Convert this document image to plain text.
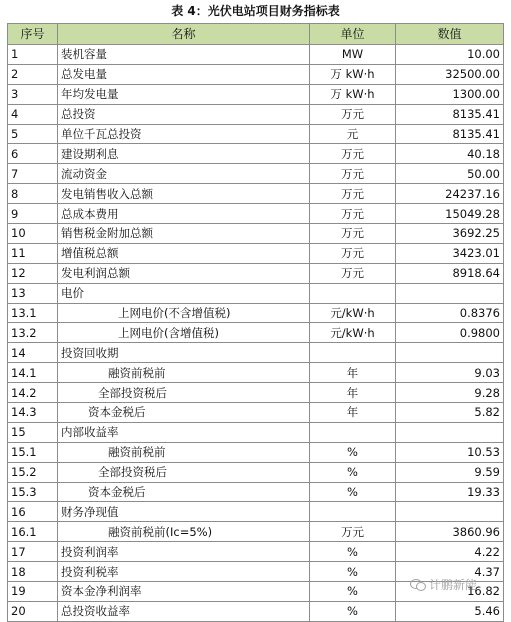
表 4：光伏电站项目财务指标表
序号	名称	单位	数值
1	装机容量	MW	10.00
2	总发电量	万 kW·h	32500.00
3	年均发电量	万 kW·h	1300.00
4	总投资	万元	8135.41
5	单位千瓦总投资	元	8135.41
6	建设期利息	万元	40.18
7	流动资金	万元	50.00
8	发电销售收入总额	万元	24237.16
9	总成本费用	万元	15049.28
10	销售税金附加总额	万元	3692.25
11	增值税总额	万元	3423.01
12	发电利润总额	万元	8918.64
13	电价		
13.1	上网电价(不含增值税)	元/kW·h	0.8376
13.2	上网电价(含增值税)	元/kW·h	0.9800
14	投资回收期		
14.1	融资前税前	年	9.03
14.2	全部投资税后	年	9.28
14.3	资本金税后	年	5.82
15	内部收益率		
15.1	融资前税前	%	10.53
15.2	全部投资税后	%	9.59
15.3	资本金税后	%	19.33
16	财务净现值		
16.1	融资前税前(Ic=5%)	万元	3860.96
17	投资利润率	%	4.22
18	投资利税率	%	4.37
19	资本金净利润率	%	16.82
20	总投资收益率	%	5.46
计鹏新能
